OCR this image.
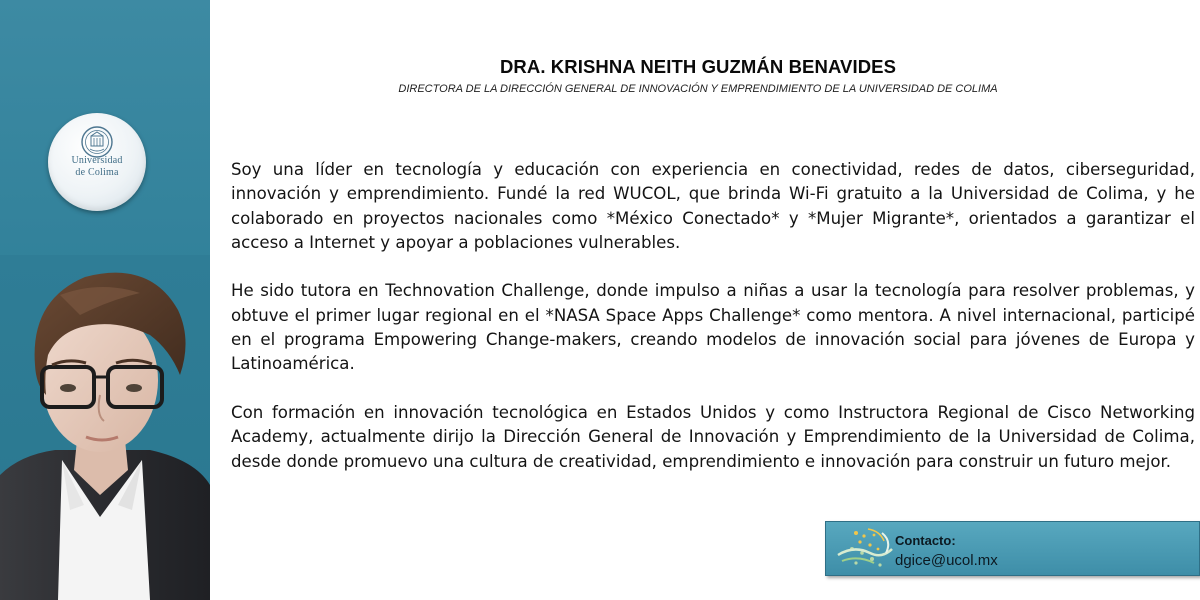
Universidad
de Colima
DRA. KRISHNA NEITH GUZMÁN BENAVIDES
DIRECTORA DE LA DIRECCIÓN GENERAL DE INNOVACIÓN Y EMPRENDIMIENTO DE LA UNIVERSIDAD DE COLIMA

Soy una líder en tecnología y educación con experiencia en conectividad, redes de datos, ciberseguridad, innovación y emprendimiento. Fundé la red WUCOL, que brinda Wi-Fi gratuito a la Universidad de Colima, y he colaborado en proyectos nacionales como *México Conectado* y *Mujer Migrante*, orientados a garantizar el acceso a Internet y apoyar a poblaciones vulnerables.

He sido tutora en Technovation Challenge, donde impulso a niñas a usar la tecnología para resolver problemas, y obtuve el primer lugar regional en el *NASA Space Apps Challenge* como mentora. A nivel internacional, participé en el programa Empowering Change-makers, creando modelos de innovación social para jóvenes de Europa y Latinoamérica.

Con formación en innovación tecnológica en Estados Unidos y como Instructora Regional de Cisco Networking Academy, actualmente dirijo la Dirección General de Innovación y Emprendimiento de la Universidad de Colima, desde donde promuevo una cultura de creatividad, emprendimiento e innovación para construir un futuro mejor.

Contacto:
dgice@ucol.mx
